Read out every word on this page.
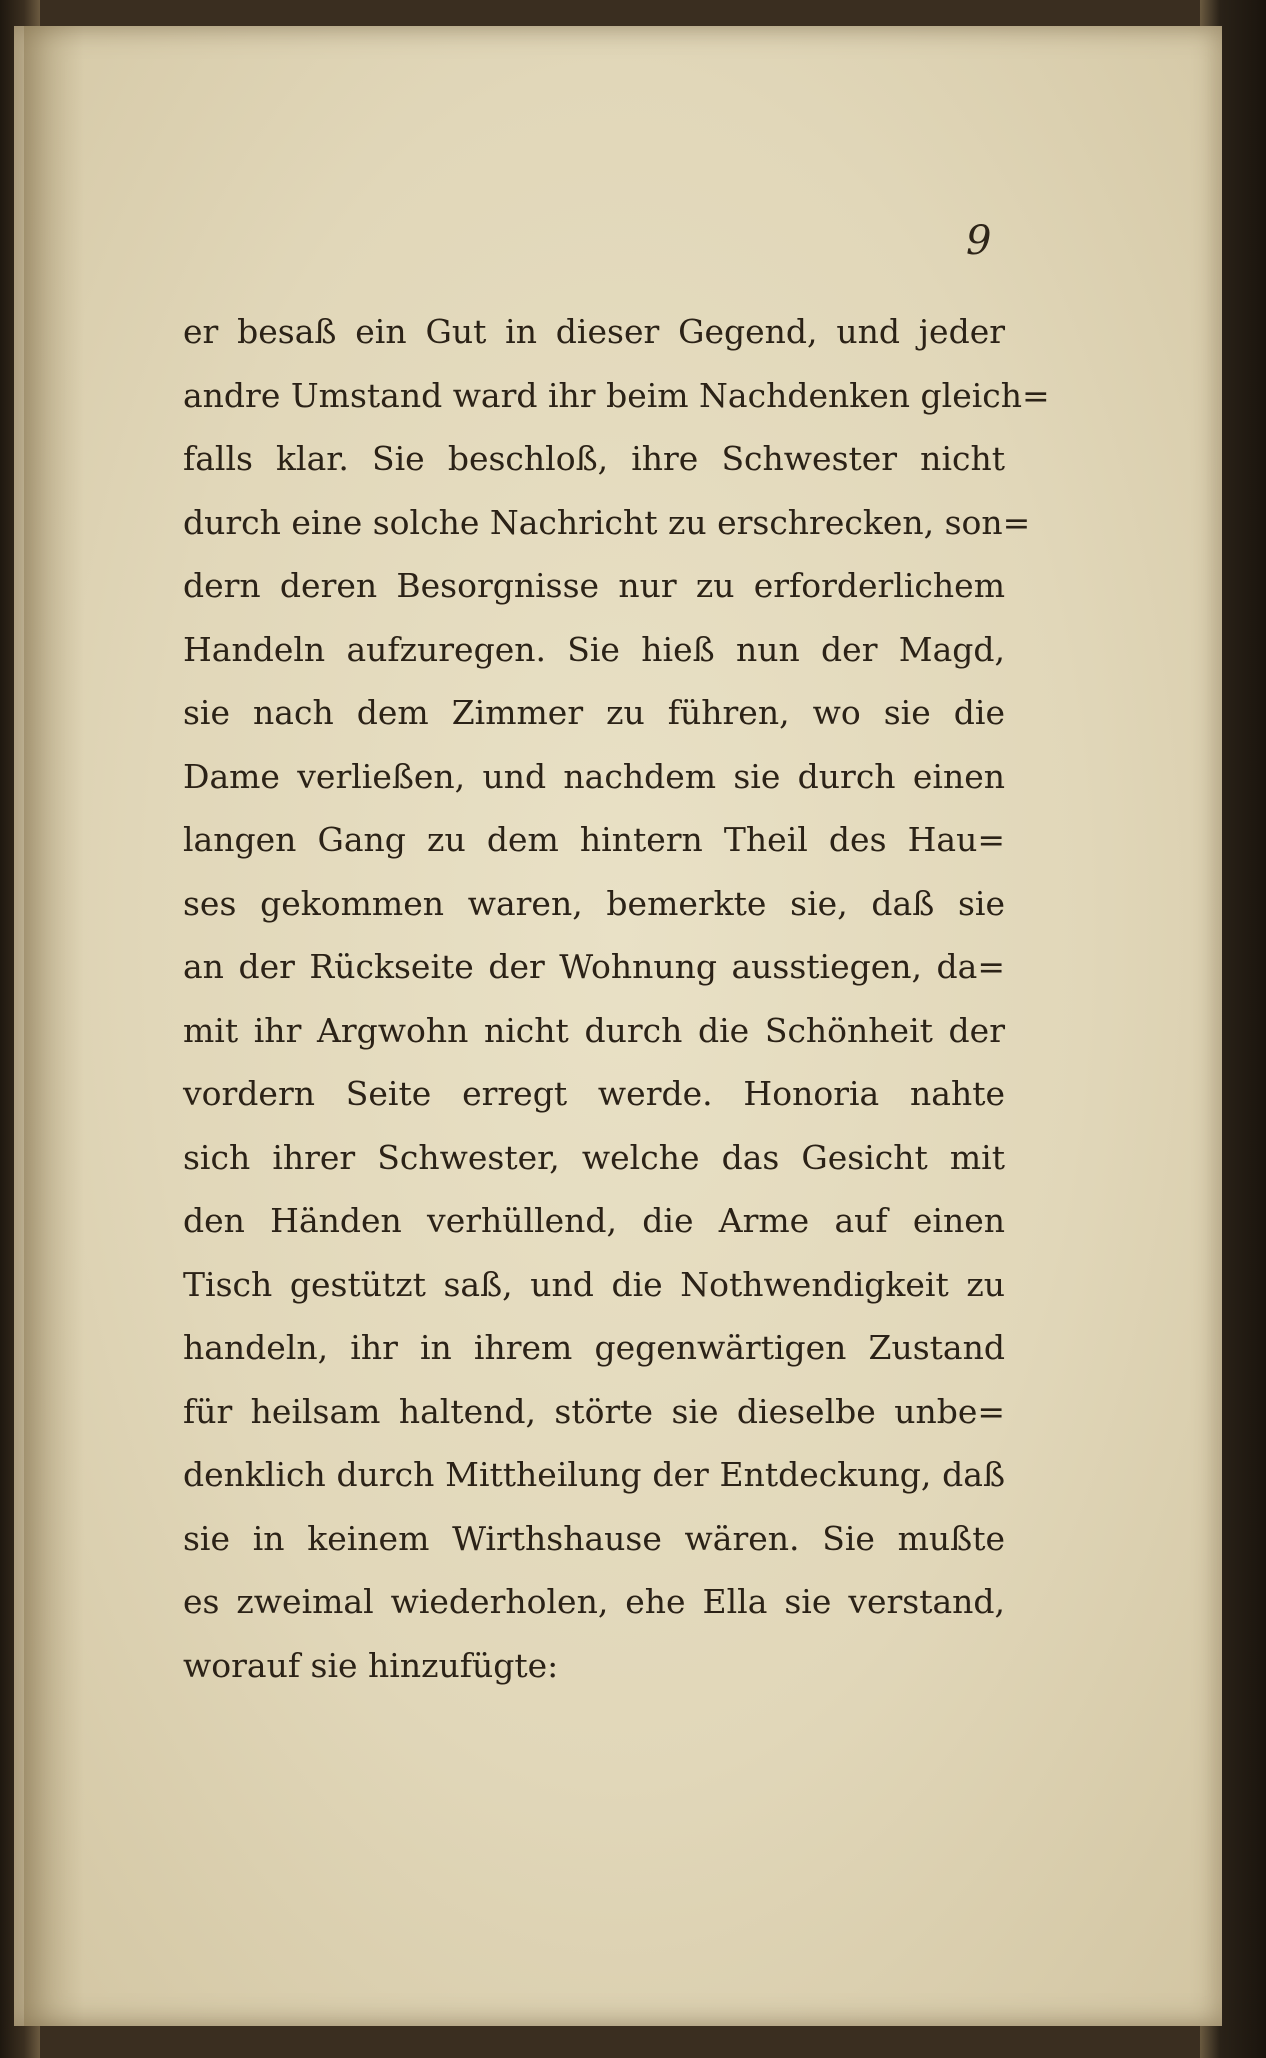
9
er besaß ein Gut in dieser Gegend, und jeder
andre Umstand ward ihr beim Nachdenken gleich=
falls klar. Sie beschloß, ihre Schwester nicht
durch eine solche Nachricht zu erschrecken, son=
dern deren Besorgnisse nur zu erforderlichem
Handeln aufzuregen. Sie hieß nun der Magd,
sie nach dem Zimmer zu führen, wo sie die
Dame verließen, und nachdem sie durch einen
langen Gang zu dem hintern Theil des Hau=
ses gekommen waren, bemerkte sie, daß sie
an der Rückseite der Wohnung ausstiegen, da=
mit ihr Argwohn nicht durch die Schönheit der
vordern Seite erregt werde. Honoria nahte
sich ihrer Schwester, welche das Gesicht mit
den Händen verhüllend, die Arme auf einen
Tisch gestützt saß, und die Nothwendigkeit zu
handeln, ihr in ihrem gegenwärtigen Zustand
für heilsam haltend, störte sie dieselbe unbe=
denklich durch Mittheilung der Entdeckung, daß
sie in keinem Wirthshause wären. Sie mußte
es zweimal wiederholen, ehe Ella sie verstand,
worauf sie hinzufügte:
